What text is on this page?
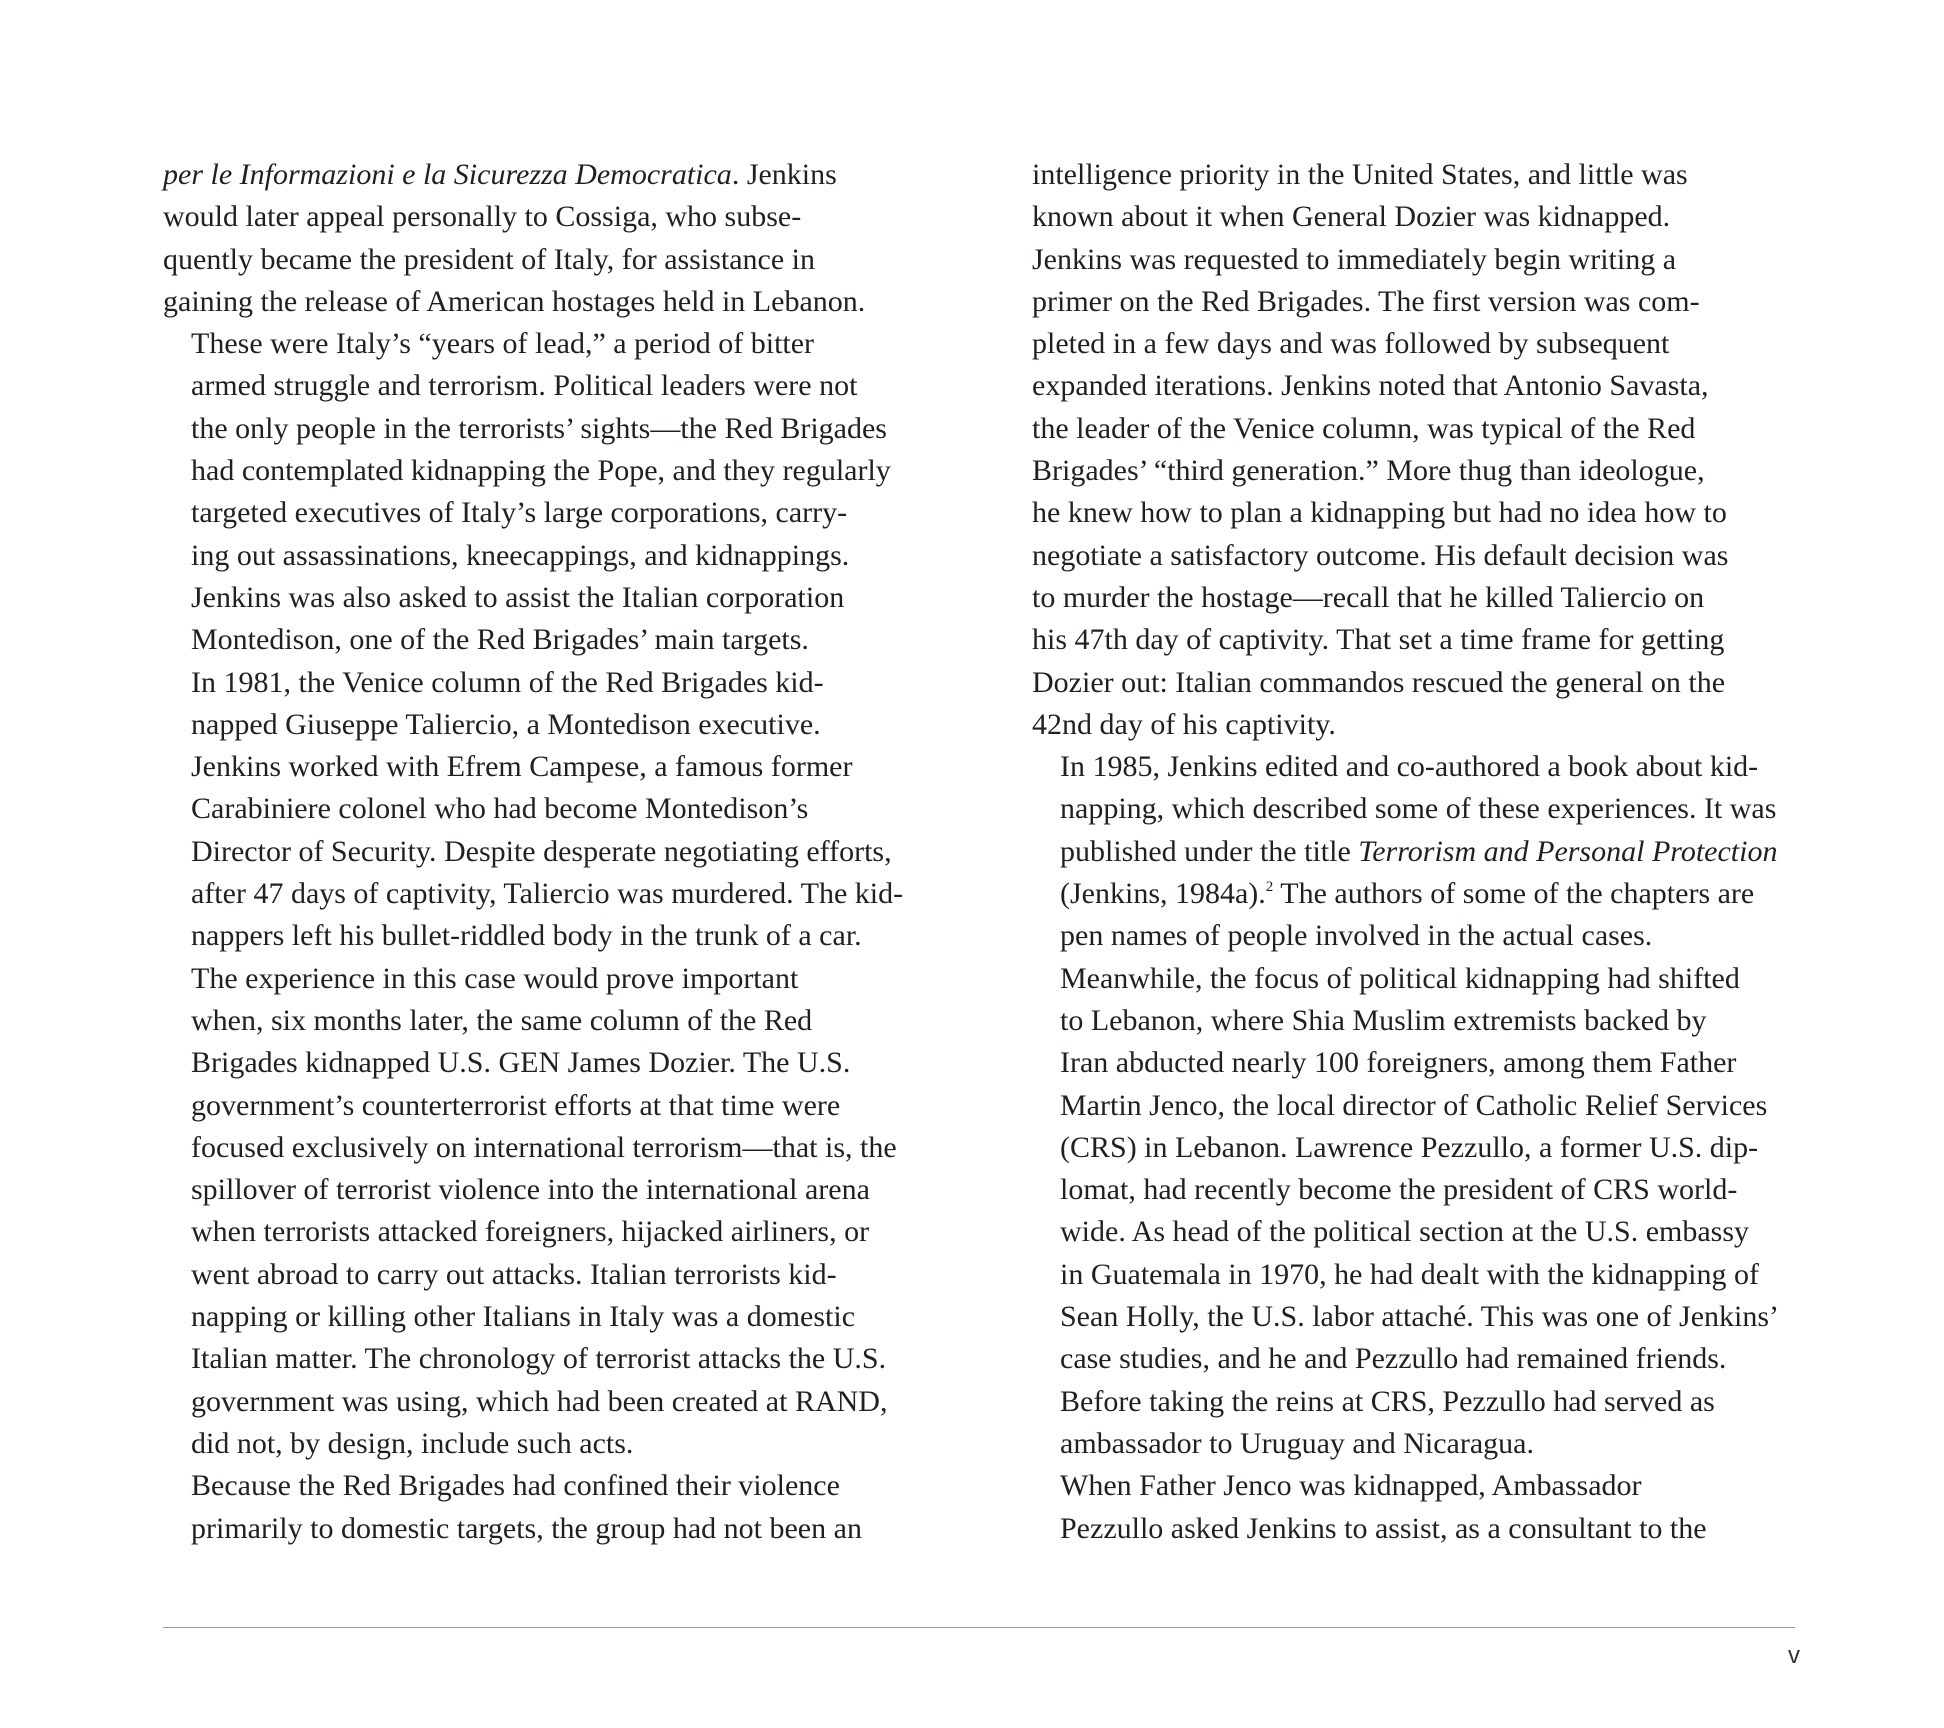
per le Informazioni e la Sicurezza Democratica. Jenkins
would later appeal personally to Cossiga, who subse-
quently became the president of Italy, for assistance in
gaining the release of American hostages held in Lebanon.

These were Italy’s “years of lead,” a period of bitter
armed struggle and terrorism. Political leaders were not
the only people in the terrorists’ sights—the Red Brigades
had contemplated kidnapping the Pope, and they regularly
targeted executives of Italy’s large corporations, carry-
ing out assassinations, kneecappings, and kidnappings.
Jenkins was also asked to assist the Italian corporation
Montedison, one of the Red Brigades’ main targets.

In 1981, the Venice column of the Red Brigades kid-
napped Giuseppe Taliercio, a Montedison executive.
Jenkins worked with Efrem Campese, a famous former
Carabiniere colonel who had become Montedison’s
Director of Security. Despite desperate negotiating efforts,
after 47 days of captivity, Taliercio was murdered. The kid-
nappers left his bullet-riddled body in the trunk of a car.

The experience in this case would prove important
when, six months later, the same column of the Red
Brigades kidnapped U.S. GEN James Dozier. The U.S.
government’s counterterrorist efforts at that time were
focused exclusively on international terrorism—that is, the
spillover of terrorist violence into the international arena
when terrorists attacked foreigners, hijacked airliners, or
went abroad to carry out attacks. Italian terrorists kid-
napping or killing other Italians in Italy was a domestic
Italian matter. The chronology of terrorist attacks the U.S.
government was using, which had been created at RAND,
did not, by design, include such acts.

Because the Red Brigades had confined their violence
primarily to domestic targets, the group had not been an

intelligence priority in the United States, and little was
known about it when General Dozier was kidnapped.
Jenkins was requested to immediately begin writing a
primer on the Red Brigades. The first version was com-
pleted in a few days and was followed by subsequent
expanded iterations. Jenkins noted that Antonio Savasta,
the leader of the Venice column, was typical of the Red
Brigades’ “third generation.” More thug than ideologue,
he knew how to plan a kidnapping but had no idea how to
negotiate a satisfactory outcome. His default decision was
to murder the hostage—recall that he killed Taliercio on
his 47th day of captivity. That set a time frame for getting
Dozier out: Italian commandos rescued the general on the
42nd day of his captivity.

In 1985, Jenkins edited and co-authored a book about kid-
napping, which described some of these experiences. It was
published under the title Terrorism and Personal Protection
(Jenkins, 1984a).$^2$ The authors of some of the chapters are
pen names of people involved in the actual cases.

Meanwhile, the focus of political kidnapping had shifted
to Lebanon, where Shia Muslim extremists backed by
Iran abducted nearly 100 foreigners, among them Father
Martin Jenco, the local director of Catholic Relief Services
(CRS) in Lebanon. Lawrence Pezzullo, a former U.S. dip-
lomat, had recently become the president of CRS world-
wide. As head of the political section at the U.S. embassy
in Guatemala in 1970, he had dealt with the kidnapping of
Sean Holly, the U.S. labor attaché. This was one of Jenkins’
case studies, and he and Pezzullo had remained friends.
Before taking the reins at CRS, Pezzullo had served as
ambassador to Uruguay and Nicaragua.

When Father Jenco was kidnapped, Ambassador
Pezzullo asked Jenkins to assist, as a consultant to the

v
